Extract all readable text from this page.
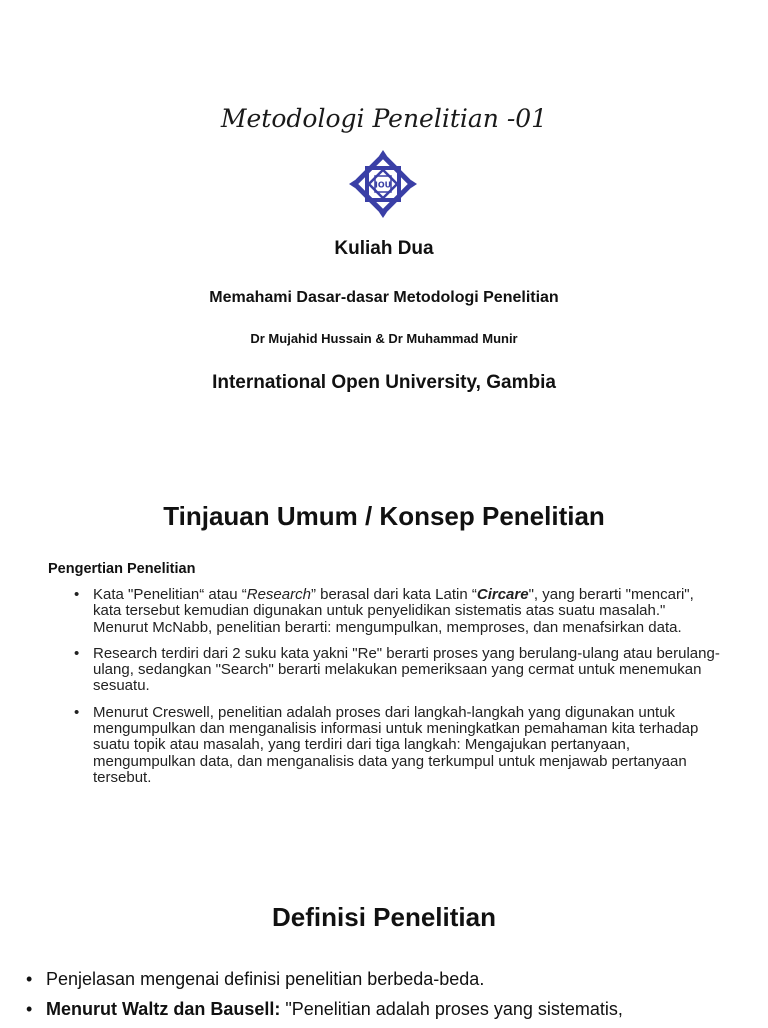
Metodologi Penelitian -01
IOU

Kuliah Dua

Memahami Dasar-dasar Metodologi Penelitian

Dr Mujahid Hussain & Dr Muhammad Munir

International Open University, Gambia

Tinjauan Umum / Konsep Penelitian

Pengertian Penelitian

• Kata "Penelitian“ atau “Research” berasal dari kata Latin “Circare", yang berarti "mencari", kata tersebut kemudian digunakan untuk penyelidikan sistematis atas suatu masalah." Menurut McNabb, penelitian berarti: mengumpulkan, memproses, dan menafsirkan data.
• Research terdiri dari 2 suku kata yakni "Re" berarti proses yang berulang-ulang atau berulang-ulang, sedangkan "Search" berarti melakukan pemeriksaan yang cermat untuk menemukan sesuatu.
• Menurut Creswell, penelitian adalah proses dari langkah-langkah yang digunakan untuk mengumpulkan dan menganalisis informasi untuk meningkatkan pemahaman kita terhadap suatu topik atau masalah, yang terdiri dari tiga langkah: Mengajukan pertanyaan, mengumpulkan data, dan menganalisis data yang terkumpul untuk menjawab pertanyaan tersebut.
Definisi Penelitian
• Penjelasan mengenai definisi penelitian berbeda-beda.
• Menurut Waltz dan Bausell: "Penelitian adalah proses yang sistematis,
